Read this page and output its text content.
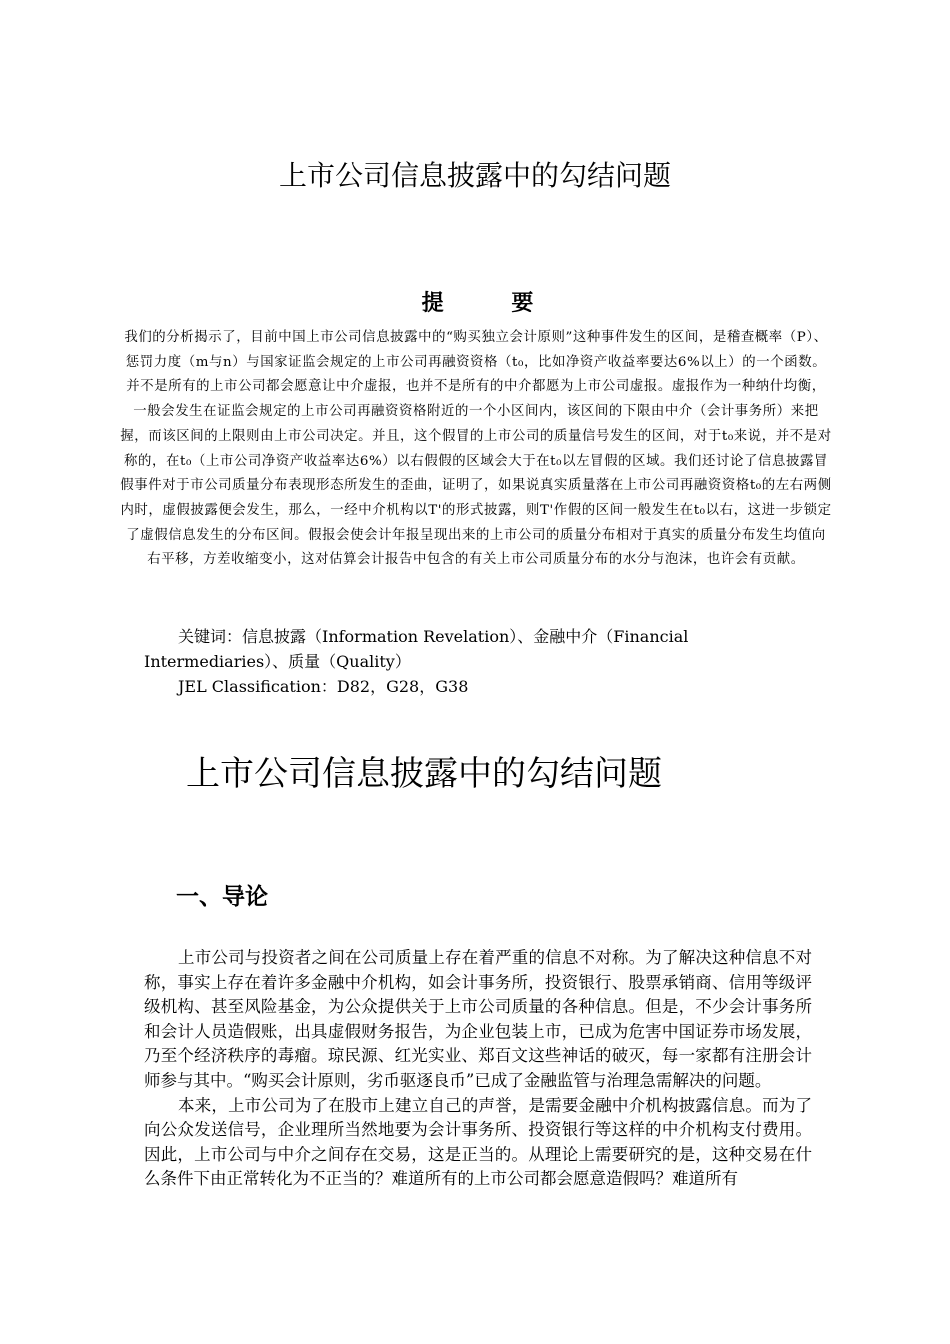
上市公司信息披露中的勾结问题
提 要

我们的分析揭示了，目前中国上市公司信息披露中的“购买独立会计原则”这种事件发生的区间，是稽查概率（P）、惩罚力度（m与n）与国家证监会规定的上市公司再融资资格（t₀，比如净资产收益率要达6%以上）的一个函数。并不是所有的上市公司都会愿意让中介虚报，也并不是所有的中介都愿为上市公司虚报。虚报作为一种纳什均衡，一般会发生在证监会规定的上市公司再融资资格附近的一个小区间内，该区间的下限由中介（会计事务所）来把握，而该区间的上限则由上市公司决定。并且，这个假冒的上市公司的质量信号发生的区间，对于t₀来说，并不是对称的，在t₀（上市公司净资产收益率达6%）以右假假的区域会大于在t₀以左冒假的区域。我们还讨论了信息披露冒假事件对于市公司质量分布表现形态所发生的歪曲，证明了，如果说真实质量落在上市公司再融资资格t₀的左右两侧内时，虚假披露便会发生，那么，一经中介机构以T'的形式披露，则T'作假的区间一般发生在t₀以右，这进一步锁定了虚假信息发生的分布区间。假报会使会计年报呈现出来的上市公司的质量分布相对于真实的质量分布发生均值向右平移，方差收缩变小，这对估算会计报告中包含的有关上市公司质量分布的水分与泡沫，也许会有贡献。

关键词：信息披露（Information Revelation）、金融中介（Financial Intermediaries）、质量（Quality）

JEL Classification：D82，G28，G38

上市公司信息披露中的勾结问题
一、导论

上市公司与投资者之间在公司质量上存在着严重的信息不对称。为了解决这种信息不对称，事实上存在着许多金融中介机构，如会计事务所，投资银行、股票承销商、信用等级评级机构、甚至风险基金，为公众提供关于上市公司质量的各种信息。但是，不少会计事务所和会计人员造假账，出具虚假财务报告，为企业包装上市，已成为危害中国证券市场发展，乃至个经济秩序的毒瘤。琼民源、红光实业、郑百文这些神话的破灭，每一家都有注册会计师参与其中。“购买会计原则，劣币驱逐良币”已成了金融监管与治理急需解决的问题。

本来，上市公司为了在股市上建立自己的声誉，是需要金融中介机构披露信息。而为了向公众发送信号，企业理所当然地要为会计事务所、投资银行等这样的中介机构支付费用。因此，上市公司与中介之间存在交易，这是正当的。从理论上需要研究的是，这种交易在什么条件下由正常转化为不正当的？难道所有的上市公司都会愿意造假吗？难道所有
